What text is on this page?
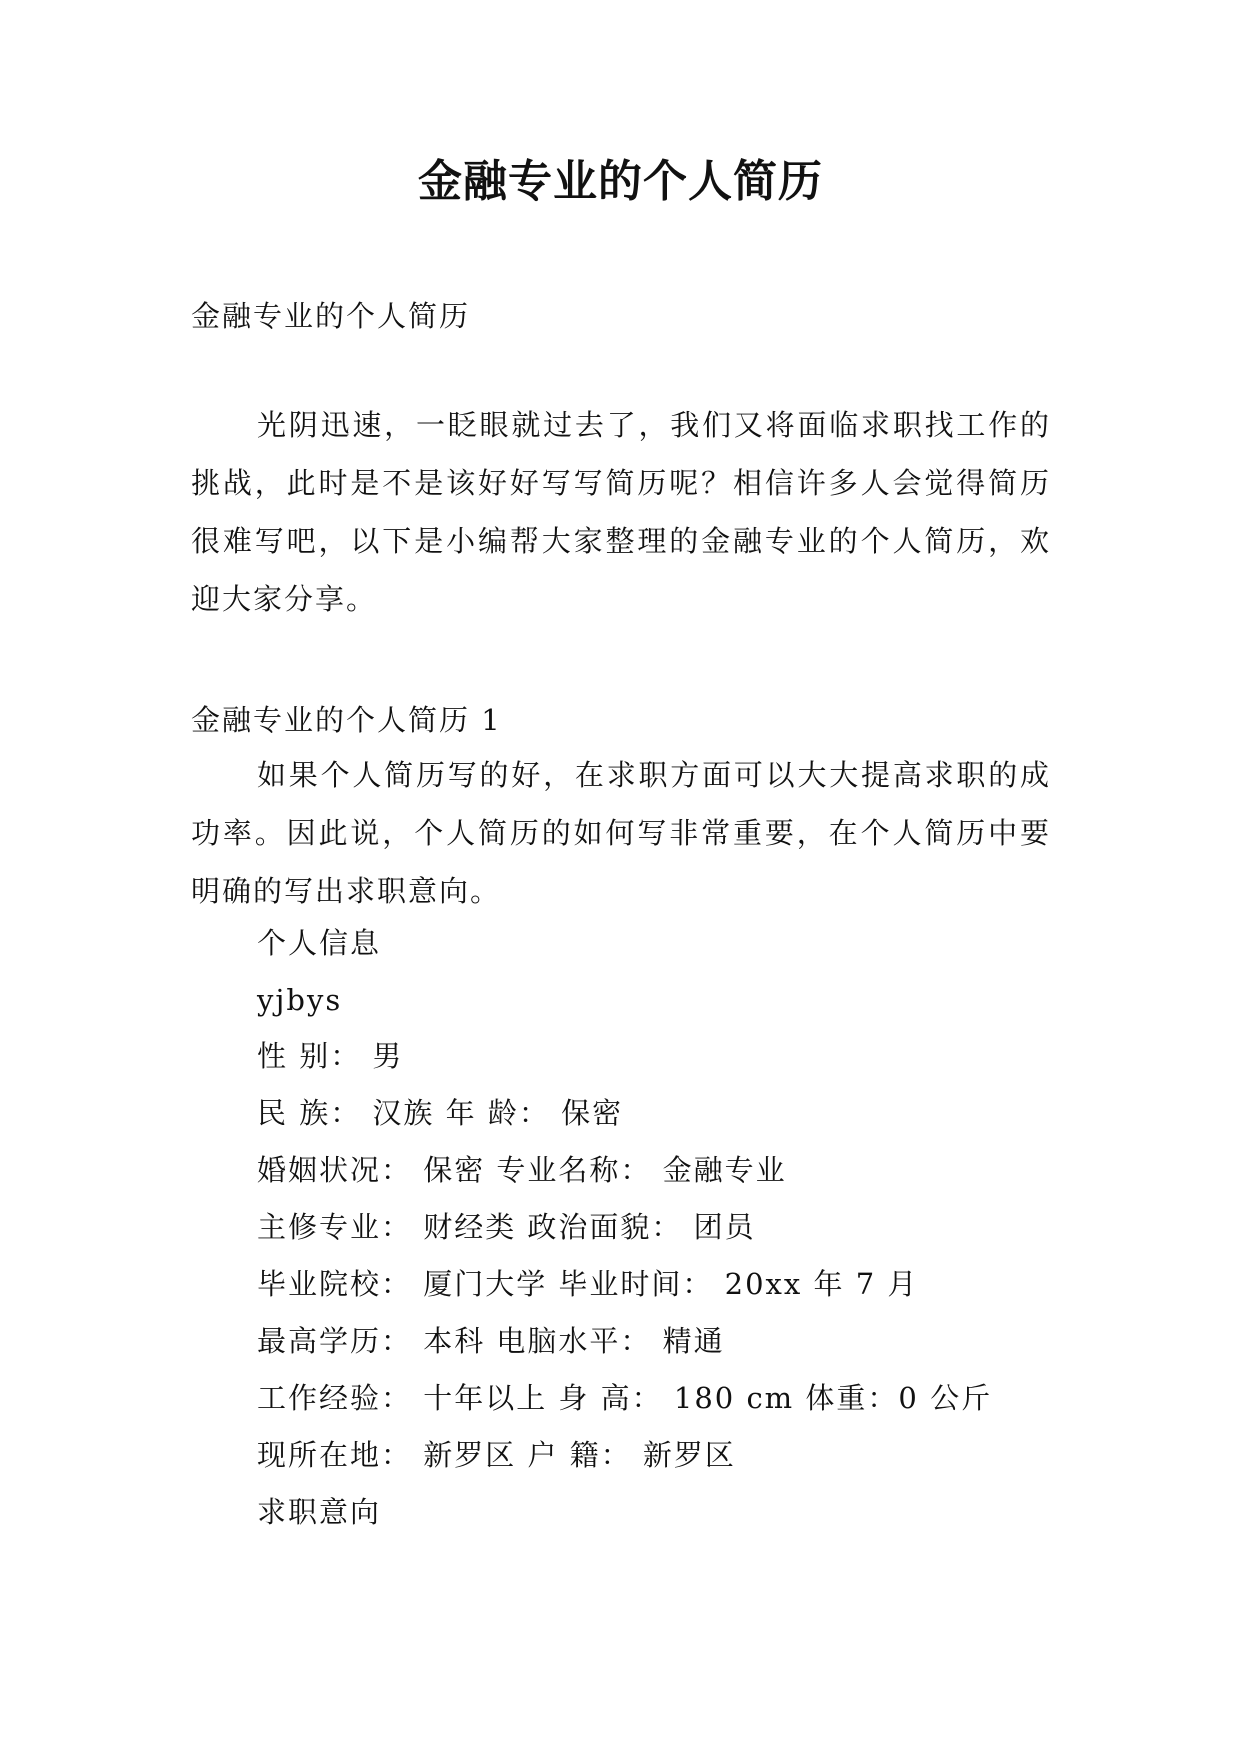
金融专业的个人简历
金融专业的个人简历
光阴迅速，一眨眼就过去了，我们又将面临求职找工作的挑战，此时是不是该好好写写简历呢？相信许多人会觉得简历很难写吧，以下是小编帮大家整理的金融专业的个人简历，欢迎大家分享。
金融专业的个人简历 1
如果个人简历写的好，在求职方面可以大大提高求职的成功率。因此说，个人简历的如何写非常重要，在个人简历中要明确的写出求职意向。
个人信息
yjbys
性 别： 男
民 族： 汉族 年 龄： 保密
婚姻状况： 保密 专业名称： 金融专业
主修专业： 财经类 政治面貌： 团员
毕业院校： 厦门大学 毕业时间： 20xx 年 7 月
最高学历： 本科 电脑水平： 精通
工作经验： 十年以上 身 高： 180 cm 体重：0 公斤
现所在地： 新罗区 户 籍： 新罗区
求职意向
